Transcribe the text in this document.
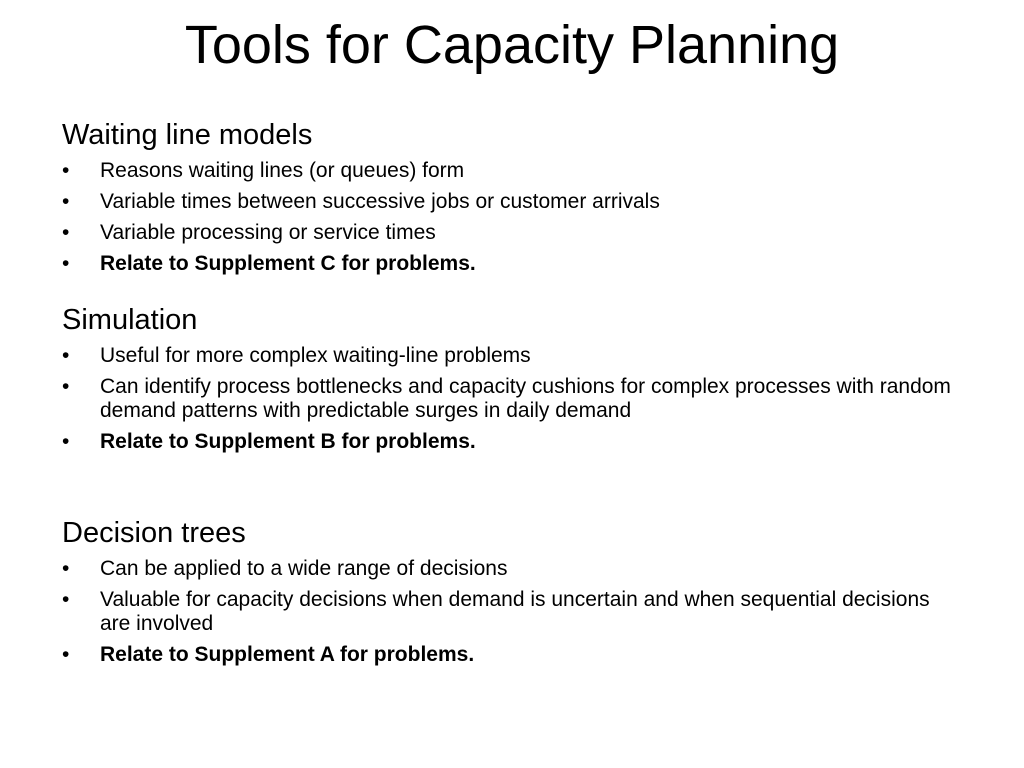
Tools for Capacity Planning
Waiting line models
•	Reasons waiting lines (or queues) form
•	Variable times between successive jobs or customer arrivals
•	Variable processing or service times
•	Relate to Supplement C for problems.
Simulation
•	Useful for more complex waiting-line problems
•	Can identify process bottlenecks and capacity cushions for complex processes with random demand patterns with predictable surges in daily demand
•	Relate to Supplement B for problems.
Decision trees
•	Can be applied to a wide range of decisions
•	Valuable for capacity decisions when demand is uncertain and when sequential decisions are involved
•	Relate to Supplement A for problems.
